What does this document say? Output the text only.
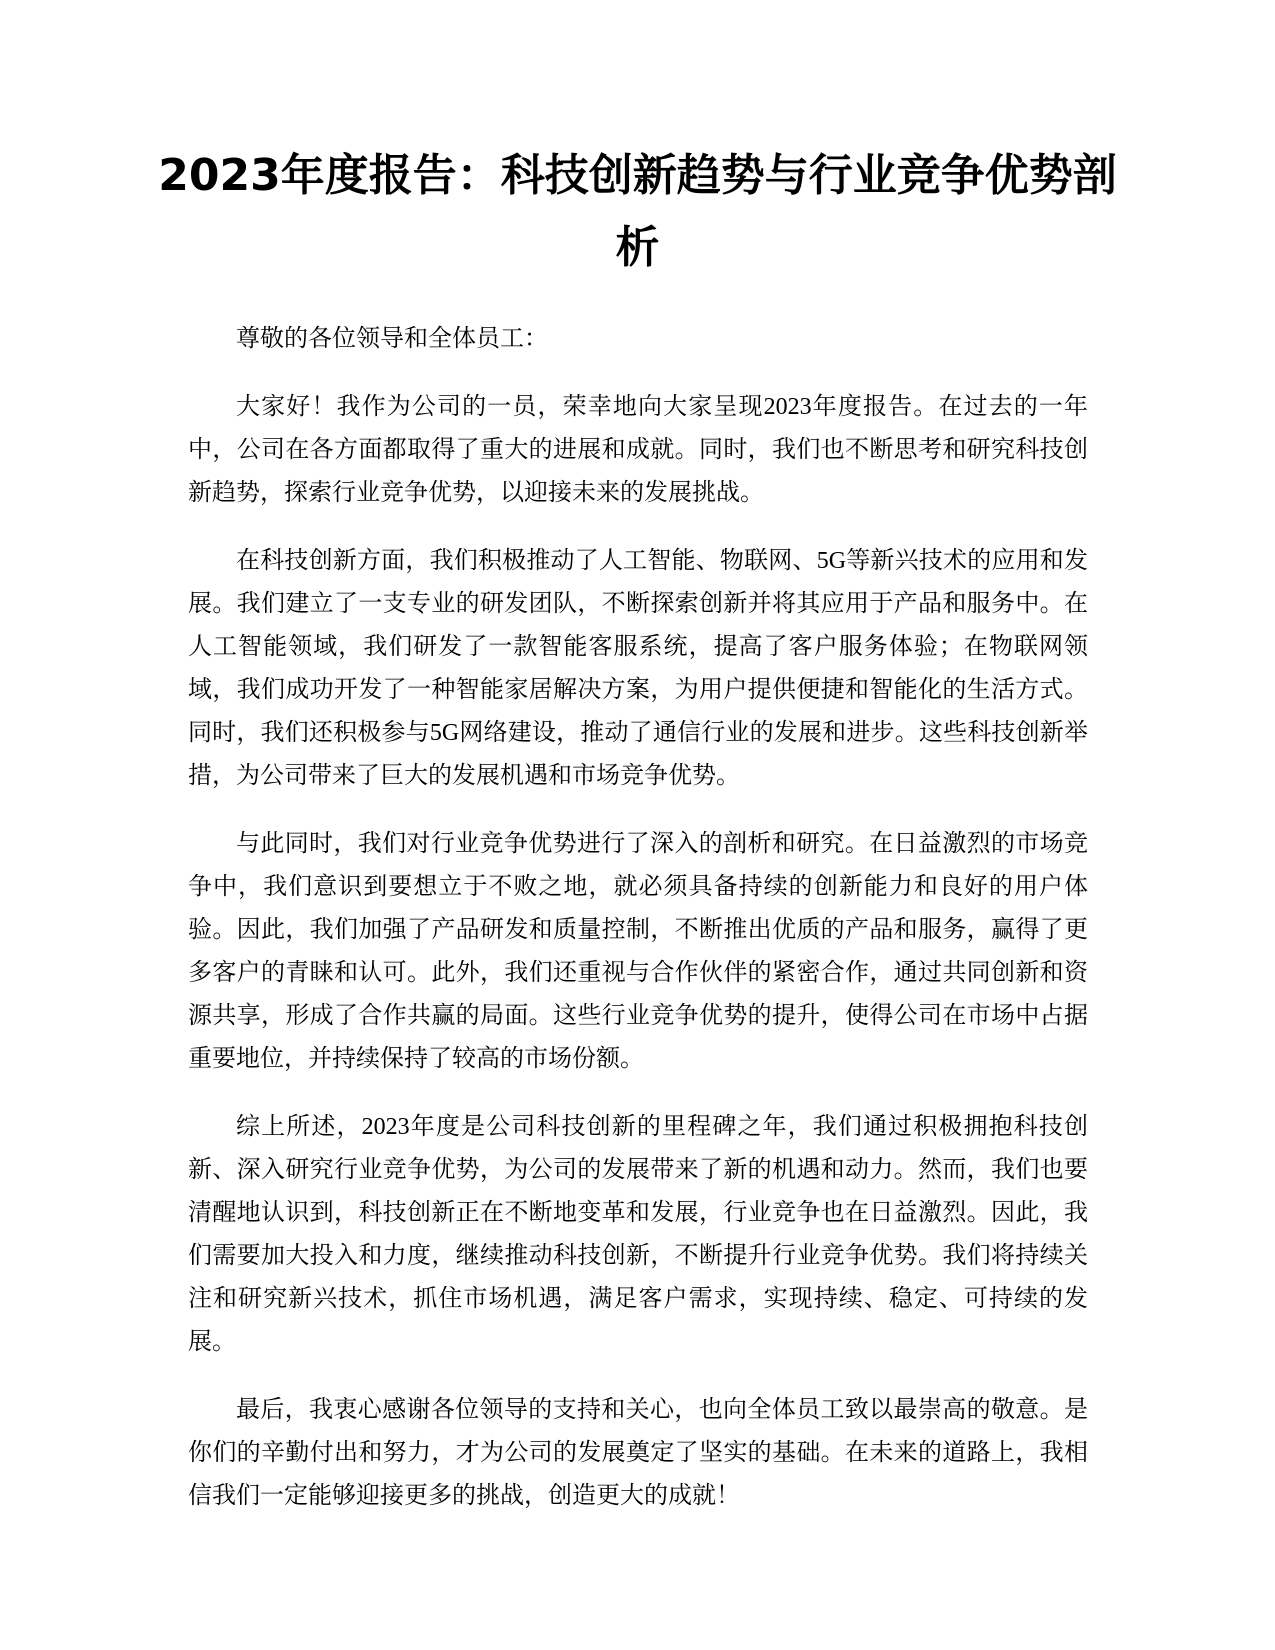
2023年度报告：科技创新趋势与行业竞争优势剖析

尊敬的各位领导和全体员工：

大家好！我作为公司的一员，荣幸地向大家呈现2023年度报告。在过去的一年中，公司在各方面都取得了重大的进展和成就。同时，我们也不断思考和研究科技创新趋势，探索行业竞争优势，以迎接未来的发展挑战。

在科技创新方面，我们积极推动了人工智能、物联网、5G等新兴技术的应用和发展。我们建立了一支专业的研发团队，不断探索创新并将其应用于产品和服务中。在人工智能领域，我们研发了一款智能客服系统，提高了客户服务体验；在物联网领域，我们成功开发了一种智能家居解决方案，为用户提供便捷和智能化的生活方式。同时，我们还积极参与5G网络建设，推动了通信行业的发展和进步。这些科技创新举措，为公司带来了巨大的发展机遇和市场竞争优势。

与此同时，我们对行业竞争优势进行了深入的剖析和研究。在日益激烈的市场竞争中，我们意识到要想立于不败之地，就必须具备持续的创新能力和良好的用户体验。因此，我们加强了产品研发和质量控制，不断推出优质的产品和服务，赢得了更多客户的青睐和认可。此外，我们还重视与合作伙伴的紧密合作，通过共同创新和资源共享，形成了合作共赢的局面。这些行业竞争优势的提升，使得公司在市场中占据重要地位，并持续保持了较高的市场份额。

综上所述，2023年度是公司科技创新的里程碑之年，我们通过积极拥抱科技创新、深入研究行业竞争优势，为公司的发展带来了新的机遇和动力。然而，我们也要清醒地认识到，科技创新正在不断地变革和发展，行业竞争也在日益激烈。因此，我们需要加大投入和力度，继续推动科技创新，不断提升行业竞争优势。我们将持续关注和研究新兴技术，抓住市场机遇，满足客户需求，实现持续、稳定、可持续的发展。

最后，我衷心感谢各位领导的支持和关心，也向全体员工致以最崇高的敬意。是你们的辛勤付出和努力，才为公司的发展奠定了坚实的基础。在未来的道路上，我相信我们一定能够迎接更多的挑战，创造更大的成就！
